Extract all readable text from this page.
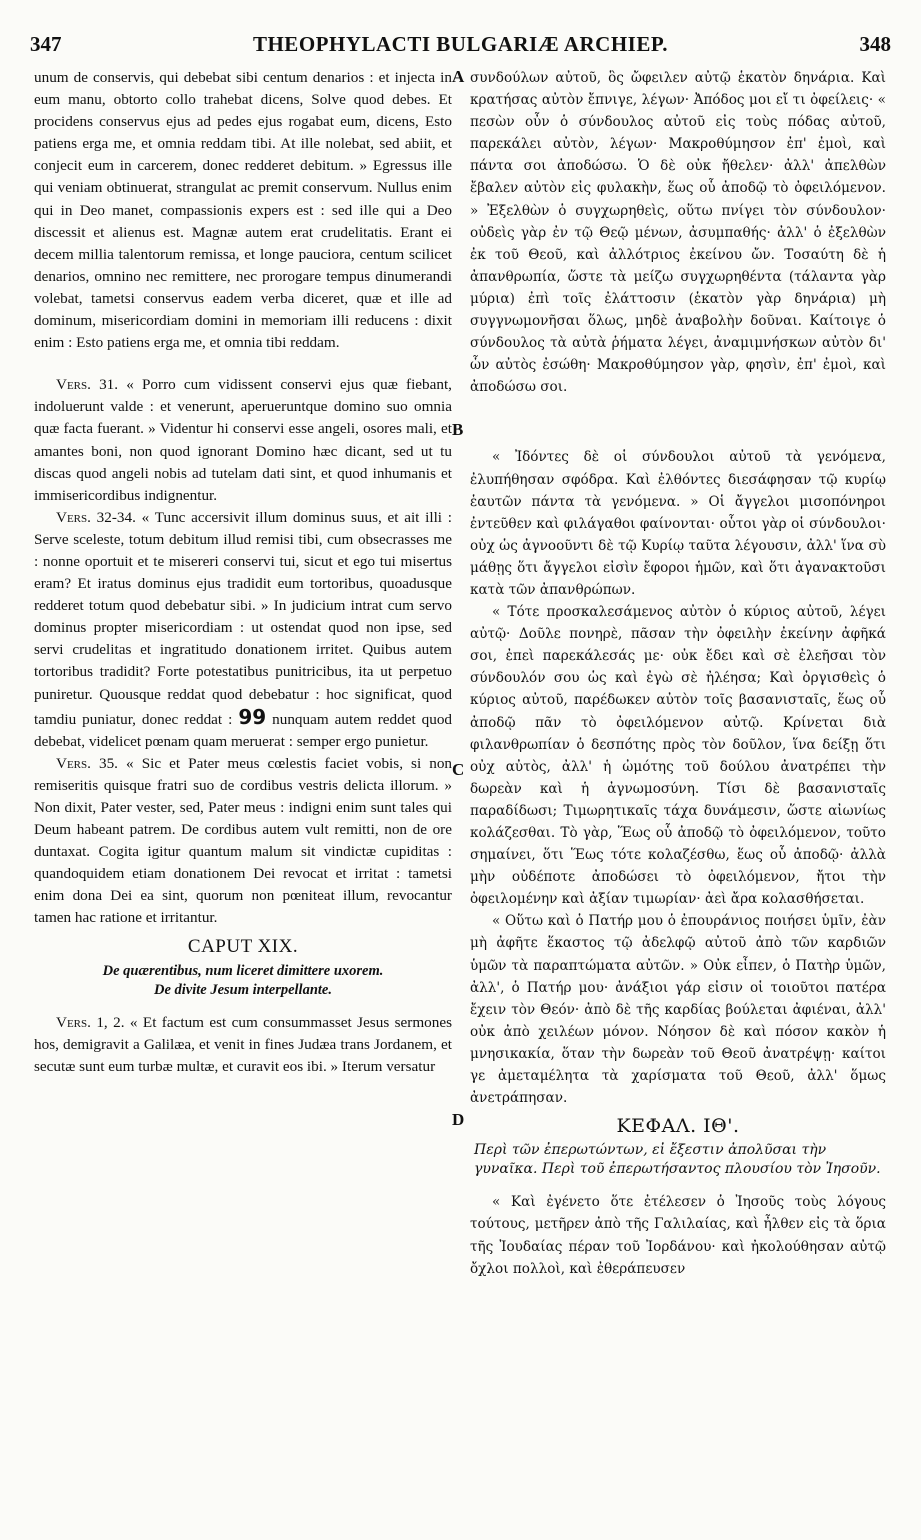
347	THEOPHYLACTI BULGARIÆ ARCHIEP.	348
A
B
C
D

unum de conservis, qui debebat sibi centum denarios : et injecta in eum manu, obtorto collo trahebat dicens, Solve quod debes. Et procidens conservus ejus ad pedes ejus rogabat eum, dicens, Esto patiens erga me, et omnia reddam tibi. At ille nolebat, sed abiit, et conjecit eum in carcerem, donec redderet debitum. » Egressus ille qui veniam obtinuerat, strangulat ac premit conservum. Nullus enim qui in Deo manet, compassionis expers est : sed ille qui a Deo discessit et alienus est. Magnæ autem erat crudelitatis. Erant ei decem millia talentorum remissa, et longe pauciora, centum scilicet denarios, omnino nec remittere, nec prorogare tempus dinumerandi volebat, tametsi conservus eadem verba diceret, quæ et ille ad dominum, misericordiam domini in memoriam illi reducens : dixit enim : Esto patiens erga me, et omnia tibi reddam.

Vers. 31. « Porro cum vidissent conservi ejus quæ fiebant, indoluerunt valde : et venerunt, aperueruntque domino suo omnia quæ facta fuerant. » Videntur hi conservi esse angeli, osores mali, et amantes boni, non quod ignorant Domino hæc dicant, sed ut tu discas quod angeli nobis ad tutelam dati sint, et quod inhumanis et immisericordibus indignentur.

Vers. 32-34. « Tunc accersivit illum dominus suus, et ait illi : Serve sceleste, totum debitum illud remisi tibi, cum obsecrasses me : nonne oportuit et te misereri conservi tui, sicut et ego tui misertus eram? Et iratus dominus ejus tradidit eum tortoribus, quoadusque redderet totum quod debebatur sibi. » In judicium intrat cum servo dominus propter misericordiam : ut ostendat quod non ipse, sed servi crudelitas et ingratitudo donationem irritet. Quibus autem tortoribus tradidit? Forte potestatibus punitricibus, ita ut perpetuo puniretur. Quousque reddat quod debebatur : hoc significat, quod tamdiu puniatur, donec reddat : 99 nunquam autem reddet quod debebat, videlicet pœnam quam meruerat : semper ergo punietur.

Vers. 35. « Sic et Pater meus cœlestis faciet vobis, si non remiseritis quisque fratri suo de cordibus vestris delicta illorum. » Non dixit, Pater vester, sed, Pater meus : indigni enim sunt tales qui Deum habeant patrem. De cordibus autem vult remitti, non de ore duntaxat. Cogita igitur quantum malum sit vindictæ cupiditas : quandoquidem etiam donationem Dei revocat et irritat : tametsi enim dona Dei ea sint, quorum non pœniteat illum, revocantur tamen hac ratione et irritantur.

CAPUT XIX.
De quærentibus, num liceret dimittere uxorem.
De divite Jesum interpellante.

Vers. 1, 2. « Et factum est cum consummasset Jesus sermones hos, demigravit a Galilæa, et venit in fines Judæa trans Jordanem, et secutæ sunt eum turbæ multæ, et curavit eos ibi. » Iterum versatur

συνδούλων αὐτοῦ, ὃς ὤφειλεν αὐτῷ ἑκατὸν δηνάρια. Καὶ κρατήσας αὐτὸν ἔπνιγε, λέγων· Ἀπόδος μοι εἴ τι ὀφείλεις· « πεσὼν οὖν ὁ σύνδουλος αὐτοῦ εἰς τοὺς πόδας αὐτοῦ, παρεκάλει αὐτὸν, λέγων· Μακροθύμησον ἐπ' ἐμοὶ, καὶ πάντα σοι ἀποδώσω. Ὁ δὲ οὐκ ἤθελεν· ἀλλ' ἀπελθὼν ἔβαλεν αὐτὸν εἰς φυλακὴν, ἕως οὗ ἀποδῷ τὸ ὀφειλόμενον. » Ἐξελθὼν ὁ συγχωρηθεὶς, οὕτω πνίγει τὸν σύνδουλον· οὐδεὶς γὰρ ἐν τῷ Θεῷ μένων, ἀσυμπαθής· ἀλλ' ὁ ἐξελθὼν ἐκ τοῦ Θεοῦ, καὶ ἀλλότριος ἐκείνου ὤν. Τοσαύτη δὲ ἡ ἀπανθρωπία, ὥστε τὰ μείζω συγχωρηθέντα (τάλαντα γὰρ μύρια) ἐπὶ τοῖς ἐλάττοσιν (ἑκατὸν γὰρ δηνάρια) μὴ συγγνωμονῆσαι ὅλως, μηδὲ ἀναβολὴν δοῦναι. Καίτοιγε ὁ σύνδουλος τὰ αὐτὰ ῥήματα λέγει, ἀναμιμνήσκων αὐτὸν δι' ὧν αὐτὸς ἐσώθη· Μακροθύμησον γὰρ, φησὶν, ἐπ' ἐμοὶ, καὶ ἀποδώσω σοι.

« Ἰδόντες δὲ οἱ σύνδουλοι αὐτοῦ τὰ γενόμενα, ἐλυπήθησαν σφόδρα. Καὶ ἐλθόντες διεσάφησαν τῷ κυρίῳ ἑαυτῶν πάντα τὰ γενόμενα. » Οἱ ἄγγελοι μισοπόνηροι ἐντεῦθεν καὶ φιλάγαθοι φαίνονται· οὗτοι γὰρ οἱ σύνδουλοι· οὐχ ὡς ἀγνοοῦντι δὲ τῷ Κυρίῳ ταῦτα λέγουσιν, ἀλλ' ἵνα σὺ μάθῃς ὅτι ἄγγελοι εἰσὶν ἔφοροι ἡμῶν, καὶ ὅτι ἀγανακτοῦσι κατὰ τῶν ἀπανθρώπων.

« Τότε προσκαλεσάμενος αὐτὸν ὁ κύριος αὐτοῦ, λέγει αὐτῷ· Δοῦλε πονηρὲ, πᾶσαν τὴν ὀφειλὴν ἐκείνην ἀφῆκά σοι, ἐπεὶ παρεκάλεσάς με· οὐκ ἔδει καὶ σὲ ἐλεῆσαι τὸν σύνδουλόν σου ὡς καὶ ἐγὼ σὲ ἠλέησα; Καὶ ὀργισθεὶς ὁ κύριος αὐτοῦ, παρέδωκεν αὐτὸν τοῖς βασανισταῖς, ἕως οὗ ἀποδῷ πᾶν τὸ ὀφειλόμενον αὐτῷ. Κρίνεται διὰ φιλανθρωπίαν ὁ δεσπότης πρὸς τὸν δοῦλον, ἵνα δείξῃ ὅτι οὐχ αὐτὸς, ἀλλ' ἡ ὠμότης τοῦ δούλου ἀνατρέπει τὴν δωρεὰν καὶ ἡ ἀγνωμοσύνη. Τίσι δὲ βασανισταῖς παραδίδωσι; Τιμωρητικαῖς τάχα δυνάμεσιν, ὥστε αἰωνίως κολάζεσθαι. Τὸ γὰρ, Ἕως οὗ ἀποδῷ τὸ ὀφειλόμενον, τοῦτο σημαίνει, ὅτι Ἕως τότε κολαζέσθω, ἕως οὗ ἀποδῷ· ἀλλὰ μὴν οὐδέποτε ἀποδώσει τὸ ὀφειλόμενον, ἤτοι τὴν ὀφειλομένην καὶ ἀξίαν τιμωρίαν· ἀεὶ ἄρα κολασθήσεται.

« Οὕτω καὶ ὁ Πατήρ μου ὁ ἐπουράνιος ποιήσει ὑμῖν, ἐὰν μὴ ἀφῆτε ἕκαστος τῷ ἀδελφῷ αὐτοῦ ἀπὸ τῶν καρδιῶν ὑμῶν τὰ παραπτώματα αὐτῶν. » Οὐκ εἶπεν, ὁ Πατὴρ ὑμῶν, ἀλλ', ὁ Πατήρ μου· ἀνάξιοι γάρ εἰσιν οἱ τοιοῦτοι πατέρα ἔχειν τὸν Θεόν· ἀπὸ δὲ τῆς καρδίας βούλεται ἀφιέναι, ἀλλ' οὐκ ἀπὸ χειλέων μόνον. Νόησον δὲ καὶ πόσον κακὸν ἡ μνησικακία, ὅταν τὴν δωρεὰν τοῦ Θεοῦ ἀνατρέψῃ· καίτοι γε ἀμεταμέλητα τὰ χαρίσματα τοῦ Θεοῦ, ἀλλ' ὅμως ἀνετράπησαν.

ΚΕΦΑΛ. ΙΘ'.
Περὶ τῶν ἐπερωτώντων, εἰ ἔξεστιν ἀπολῦσαι τὴν γυναῖκα. Περὶ τοῦ ἐπερωτήσαντος πλουσίου τὸν Ἰησοῦν.

« Καὶ ἐγένετο ὅτε ἐτέλεσεν ὁ Ἰησοῦς τοὺς λόγους τούτους, μετῆρεν ἀπὸ τῆς Γαλιλαίας, καὶ ἦλθεν εἰς τὰ ὅρια τῆς Ἰουδαίας πέραν τοῦ Ἰορδάνου· καὶ ἠκολούθησαν αὐτῷ ὄχλοι πολλοὶ, καὶ ἐθεράπευσεν
